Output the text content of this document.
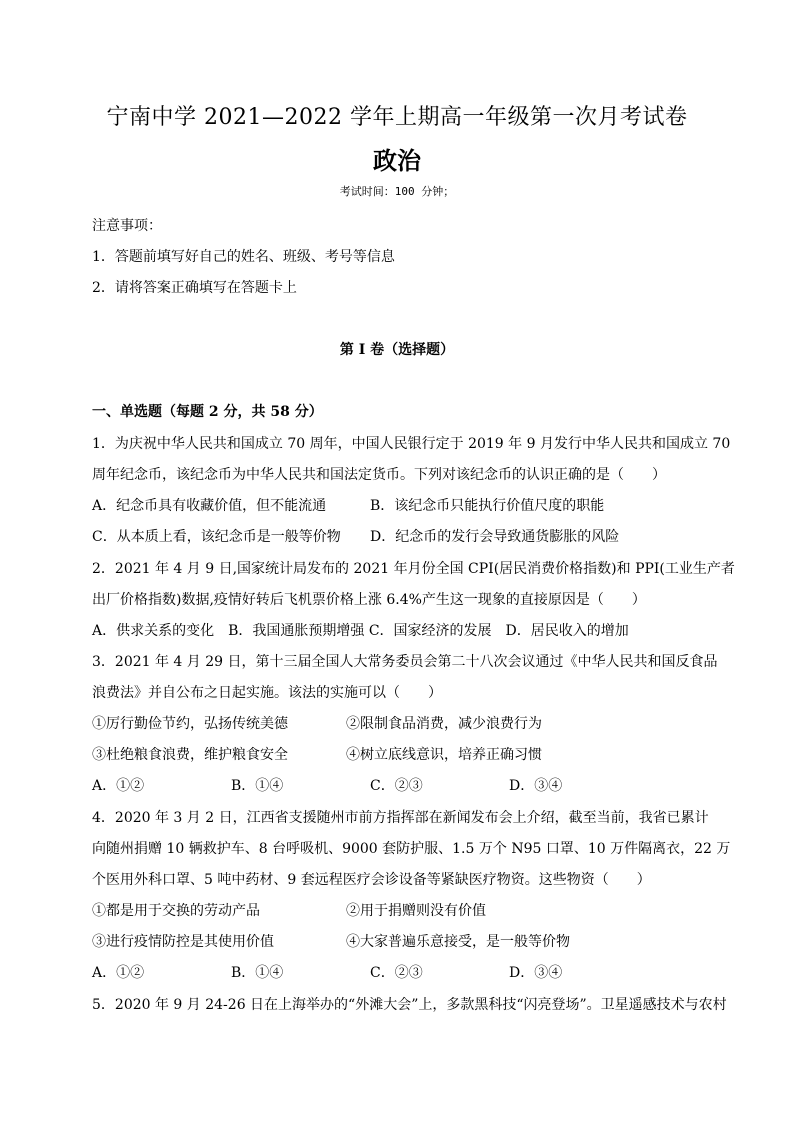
宁南中学 2021—2022 学年上期高一年级第一次月考试卷
政治
考试时间：100 分钟；
注意事项：
1．答题前填写好自己的姓名、班级、考号等信息
2．请将答案正确填写在答题卡上
第 I 卷（选择题）
一、单选题（每题 2 分，共 58 分）
1．为庆祝中华人民共和国成立 70 周年，中国人民银行定于 2019 年 9 月发行中华人民共和国成立 70
周年纪念币，该纪念币为中华人民共和国法定货币。下列对该纪念币的认识正确的是（　　）
A．纪念币具有收藏价值，但不能流通	B．该纪念币只能执行价值尺度的职能
C．从本质上看，该纪念币是一般等价物 D．纪念币的发行会导致通货膨胀的风险
2．2021 年 4 月 9 日,国家统计局发布的 2021 年月份全国 CPI(居民消费价格指数)和 PPI(工业生产者
出厂价格指数)数据,疫情好转后飞机票价格上涨 6.4%产生这一现象的直接原因是（　　）
A．供求关系的变化　B．我国通胀预期增强 C．国家经济的发展　D．居民收入的增加
3．2021 年 4 月 29 日，第十三届全国人大常务委员会第二十八次会议通过《中华人民共和国反食品
浪费法》并自公布之日起实施。该法的实施可以（　　）
①厉行勤俭节约，弘扬传统美德	②限制食品消费，减少浪费行为
③杜绝粮食浪费，维护粮食安全	④树立底线意识，培养正确习惯
A．①②	B．①④	C．②③	D．③④
4．2020 年 3 月 2 日，江西省支援随州市前方指挥部在新闻发布会上介绍，截至当前，我省已累计
向随州捐赠 10 辆救护车、8 台呼吸机、9000 套防护服、1.5 万个 N95 口罩、10 万件隔离衣，22 万
个医用外科口罩、5 吨中药材、9 套远程医疗会诊设备等紧缺医疗物资。这些物资（　　）
①都是用于交换的劳动产品	②用于捐赠则没有价值
③进行疫情防控是其使用价值	④大家普遍乐意接受，是一般等价物
A．①②	B．①④	C．②③	D．③④
5．2020 年 9 月 24-26 日在上海举办的“外滩大会”上，多款黑科技“闪亮登场”。卫星遥感技术与农村
